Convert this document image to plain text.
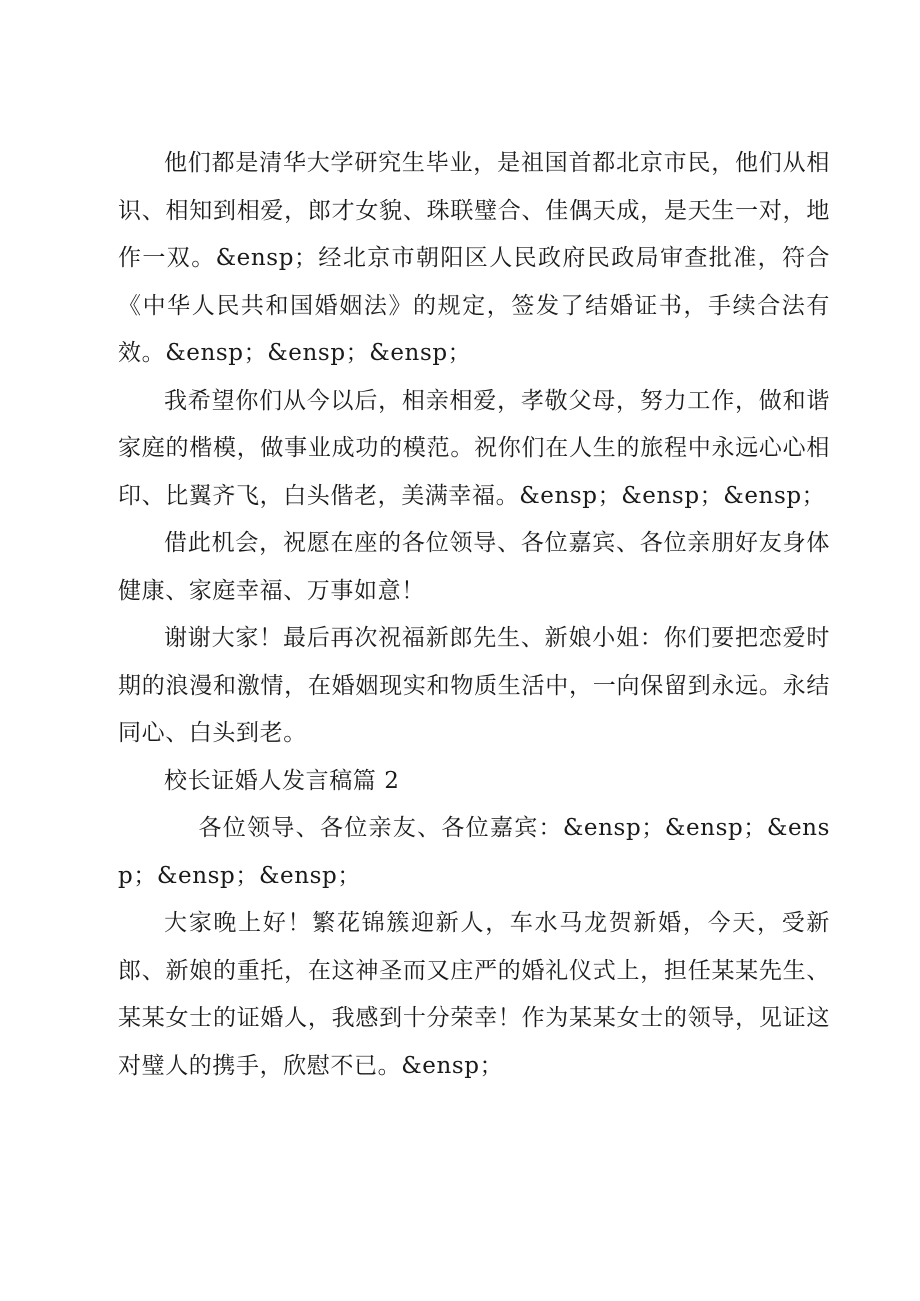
他们都是清华大学研究生毕业，是祖国首都北京市民，他们从相识、相知到相爱，郎才女貌、珠联璧合、佳偶天成，是天生一对，地作一双。&ensp；经北京市朝阳区人民政府民政局审查批准，符合《中华人民共和国婚姻法》的规定，签发了结婚证书，手续合法有效。&ensp；&ensp；&ensp；

我希望你们从今以后，相亲相爱，孝敬父母，努力工作，做和谐家庭的楷模，做事业成功的模范。祝你们在人生的旅程中永远心心相印、比翼齐飞，白头偕老，美满幸福。&ensp；&ensp；&ensp；

借此机会，祝愿在座的各位领导、各位嘉宾、各位亲朋好友身体健康、家庭幸福、万事如意！

谢谢大家！最后再次祝福新郎先生、新娘小姐：你们要把恋爱时期的浪漫和激情，在婚姻现实和物质生活中，一向保留到永远。永结同心、白头到老。

校长证婚人发言稿篇 2

各位领导、各位亲友、各位嘉宾：&ensp；&ensp；&ensp；&ensp；&ensp；

大家晚上好！繁花锦簇迎新人，车水马龙贺新婚，今天，受新郎、新娘的重托，在这神圣而又庄严的婚礼仪式上，担任某某先生、某某女士的证婚人，我感到十分荣幸！作为某某女士的领导，见证这对璧人的携手，欣慰不已。&ensp；
